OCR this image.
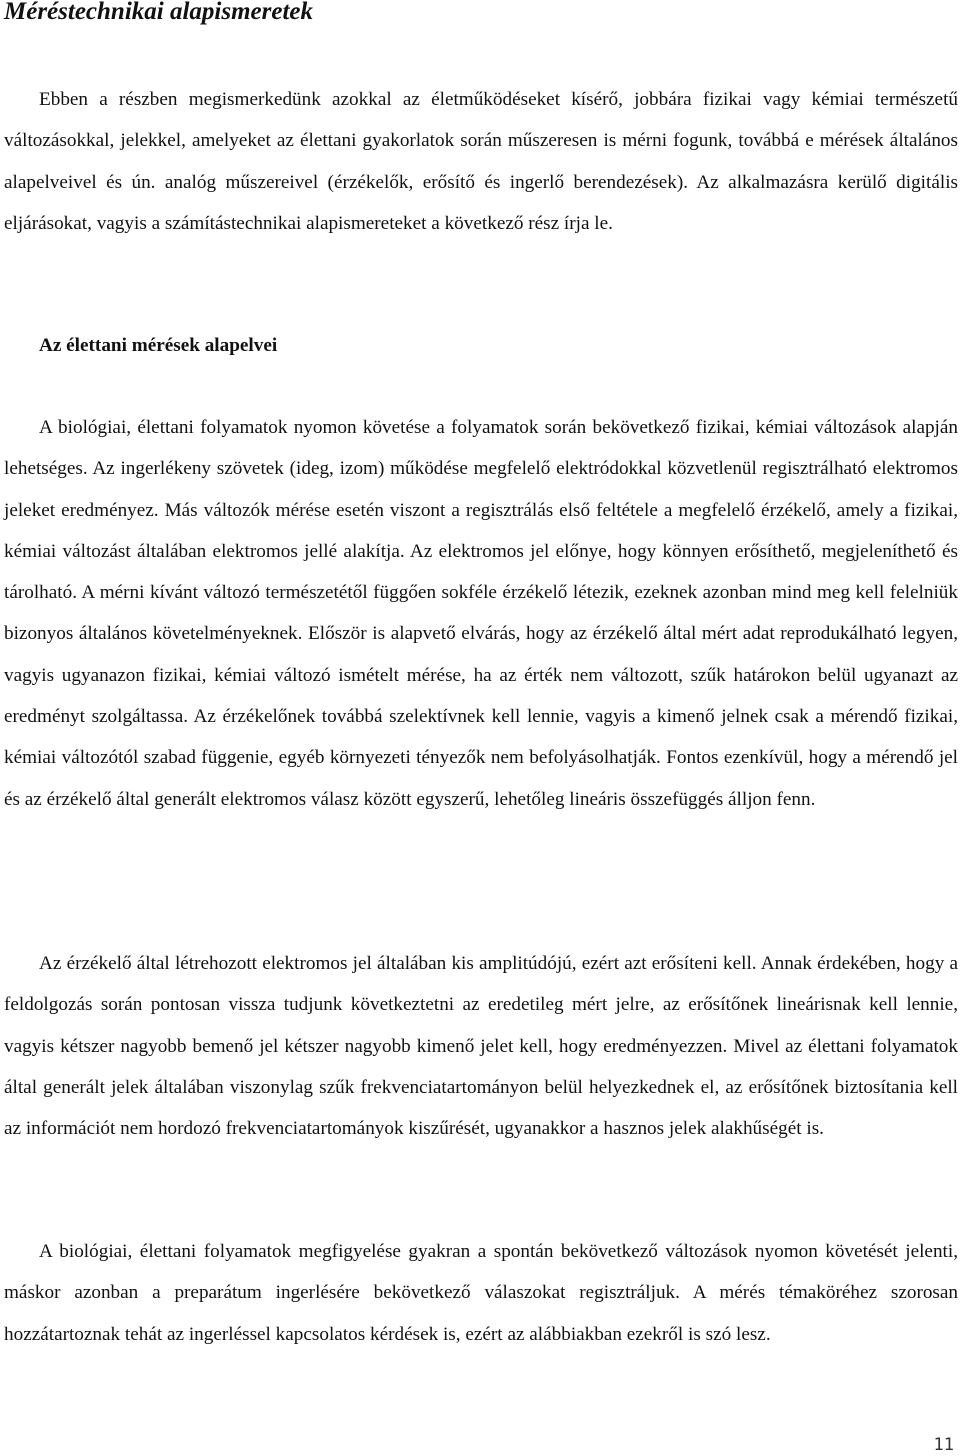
Méréstechnikai alapismeretek

Ebben a részben megismerkedünk azokkal az életműködéseket kísérő, jobbára fizikai vagy kémiai természetű változásokkal, jelekkel, amelyeket az élettani gyakorlatok során műszeresen is mérni fogunk, továbbá e mérések általános alapelveivel és ún. analóg műszereivel (érzékelők, erősítő és ingerlő berendezések). Az alkalmazásra kerülő digitális eljárásokat, vagyis a számítástechnikai alapismereteket a következő rész írja le.

Az élettani mérések alapelvei

A biológiai, élettani folyamatok nyomon követése a folyamatok során bekövetkező fizikai, kémiai változások alapján lehetséges. Az ingerlékeny szövetek (ideg, izom) működése megfelelő elektródokkal közvetlenül regisztrálható elektromos jeleket eredményez. Más változók mérése esetén viszont a regisztrálás első feltétele a megfelelő érzékelő, amely a fizikai, kémiai változást általában elektromos jellé alakítja. Az elektromos jel előnye, hogy könnyen erősíthető, megjeleníthető és tárolható. A mérni kívánt változó természetétől függően sokféle érzékelő létezik, ezeknek azonban mind meg kell felelniük bizonyos általános követelményeknek. Először is alapvető elvárás, hogy az érzékelő által mért adat reprodukálható legyen, vagyis ugyanazon fizikai, kémiai változó ismételt mérése, ha az érték nem változott, szűk határokon belül ugyanazt az eredményt szolgáltassa. Az érzékelőnek továbbá szelektívnek kell lennie, vagyis a kimenő jelnek csak a mérendő fizikai, kémiai változótól szabad függenie, egyéb környezeti tényezők nem befolyásolhatják. Fontos ezenkívül, hogy a mérendő jel és az érzékelő által generált elektromos válasz között egyszerű, lehetőleg lineáris összefüggés álljon fenn.

Az érzékelő által létrehozott elektromos jel általában kis amplitúdójú, ezért azt erősíteni kell. Annak érdekében, hogy a feldolgozás során pontosan vissza tudjunk következtetni az eredetileg mért jelre, az erősítőnek lineárisnak kell lennie, vagyis kétszer nagyobb bemenő jel kétszer nagyobb kimenő jelet kell, hogy eredményezzen. Mivel az élettani folyamatok által generált jelek általában viszonylag szűk frekvenciatartományon belül helyezkednek el, az erősítőnek biztosítania kell az információt nem hordozó frekvenciatartományok kiszűrését, ugyanakkor a hasznos jelek alakhűségét is.

A biológiai, élettani folyamatok megfigyelése gyakran a spontán bekövetkező változások nyomon követését jelenti, máskor azonban a preparátum ingerlésére bekövetkező válaszokat regisztráljuk. A mérés témaköréhez szorosan hozzátartoznak tehát az ingerléssel kapcsolatos kérdések is, ezért az alábbiakban ezekről is szó lesz.

11
